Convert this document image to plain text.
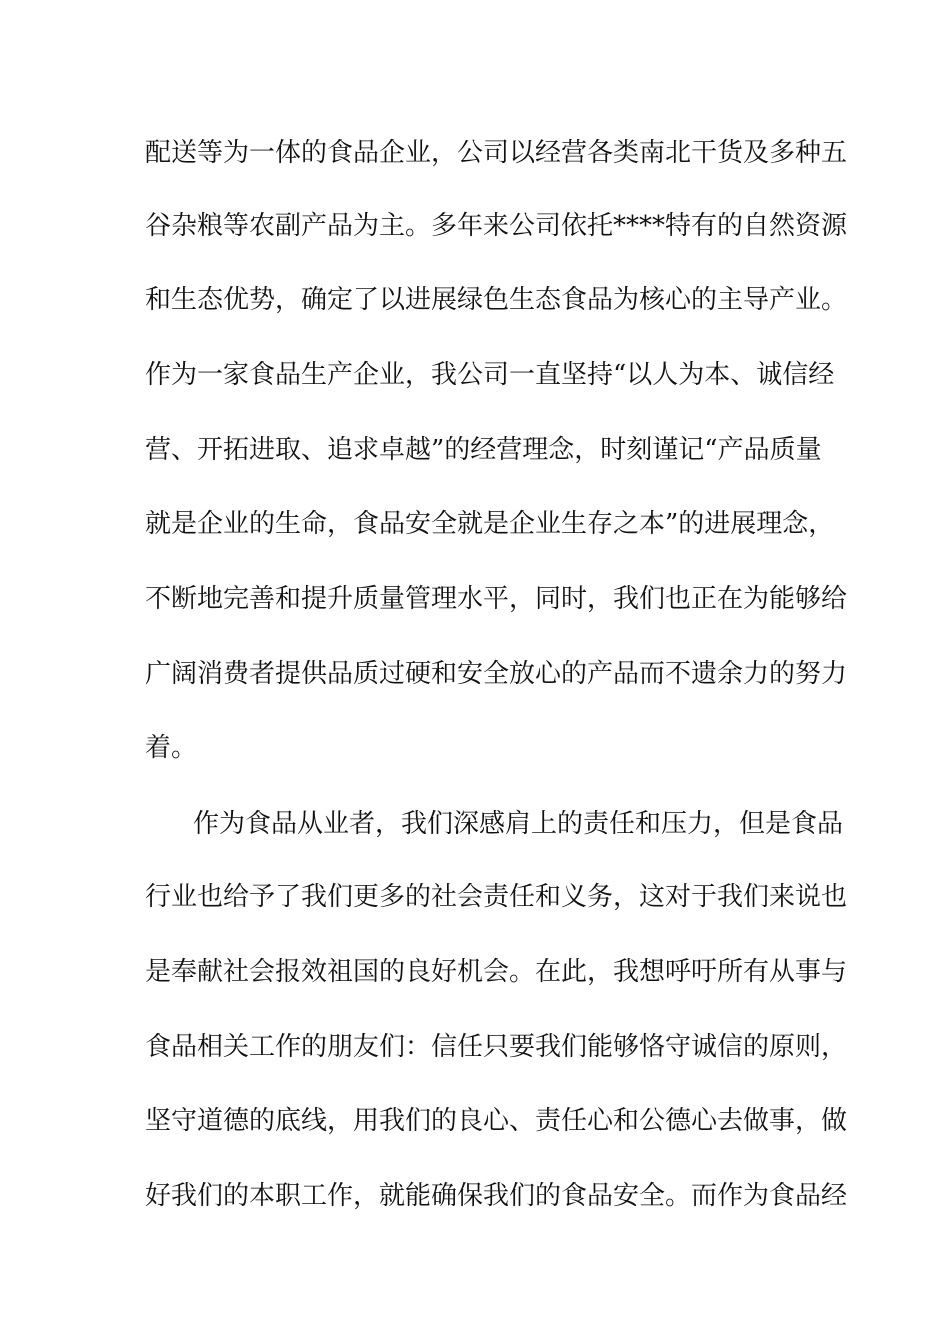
配送等为一体的食品企业，公司以经营各类南北干货及多种五
谷杂粮等农副产品为主。多年来公司依托****特有的自然资源
和生态优势，确定了以进展绿色生态食品为核心的主导产业。
作为一家食品生产企业，我公司一直坚持“以人为本、诚信经
营、开拓进取、追求卓越”的经营理念，时刻谨记“产品质量
就是企业的生命，食品安全就是企业生存之本”的进展理念，
不断地完善和提升质量管理水平，同时，我们也正在为能够给
广阔消费者提供品质过硬和安全放心的产品而不遗余力的努力
着。
作为食品从业者，我们深感肩上的责任和压力，但是食品
行业也给予了我们更多的社会责任和义务，这对于我们来说也
是奉献社会报效祖国的良好机会。在此，我想呼吁所有从事与
食品相关工作的朋友们：信任只要我们能够恪守诚信的原则，
坚守道德的底线，用我们的良心、责任心和公德心去做事，做
好我们的本职工作，就能确保我们的食品安全。而作为食品经
